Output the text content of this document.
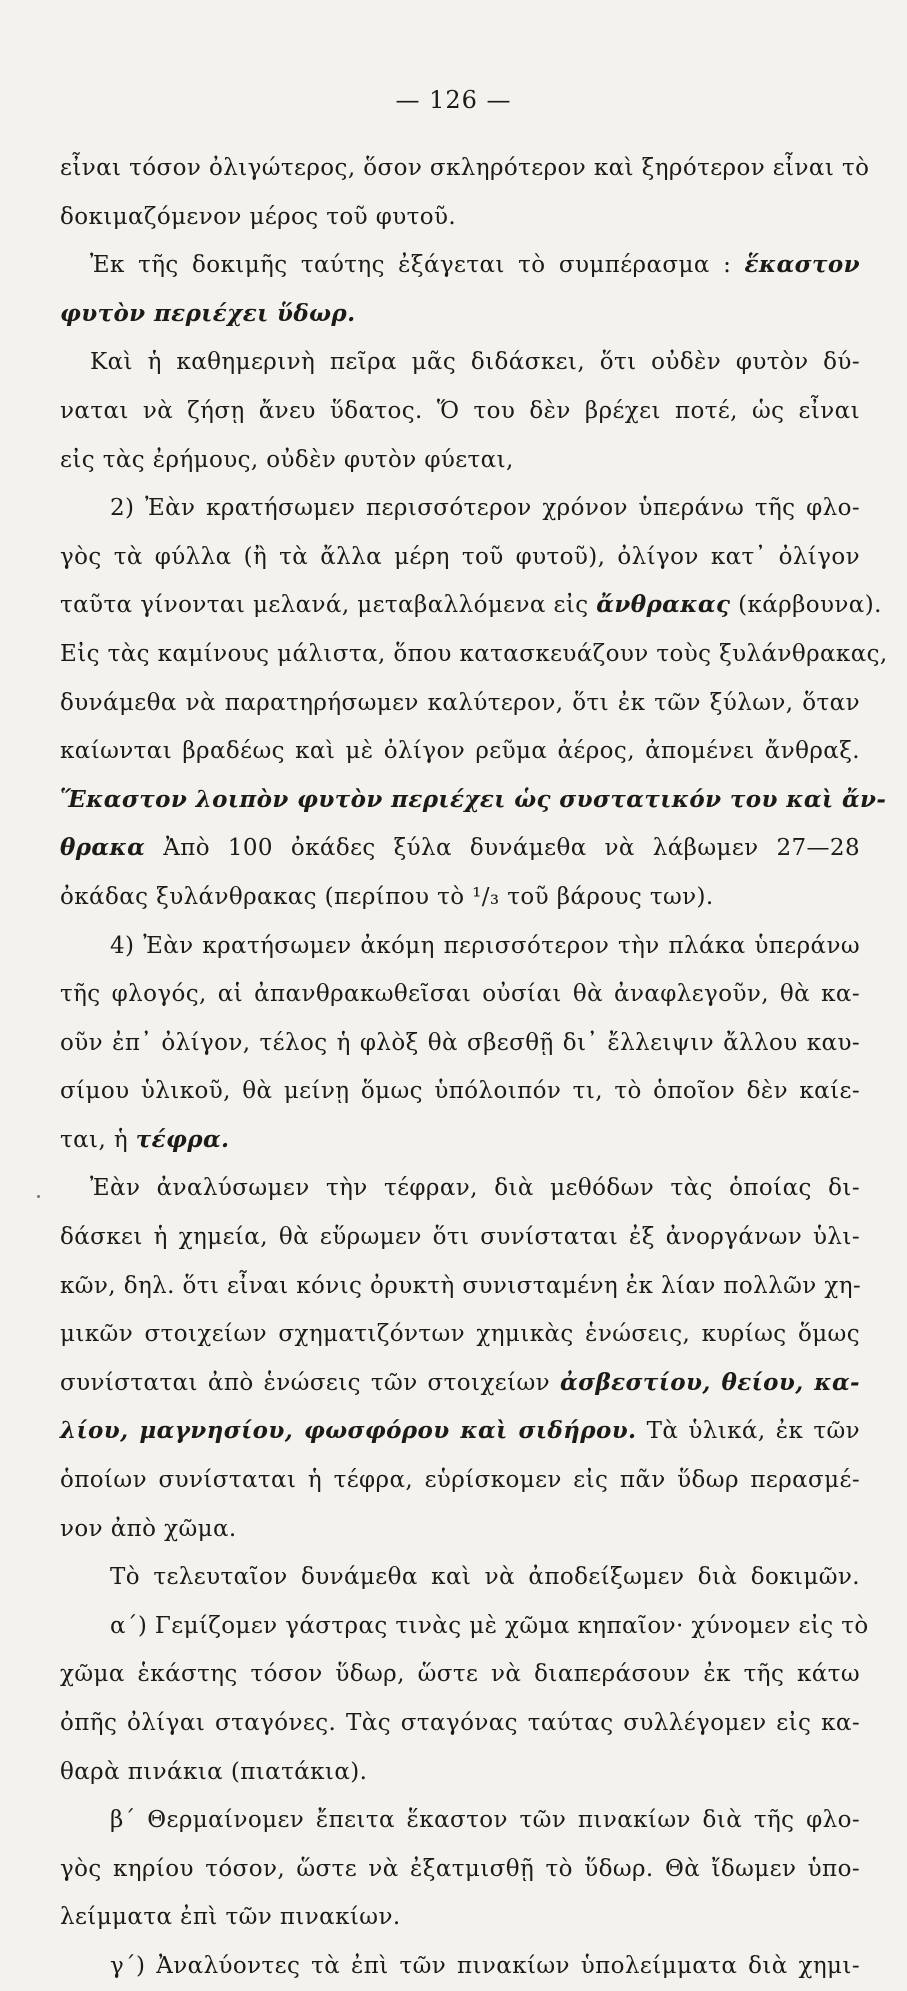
— 126 —
εἶναι τόσον ὀλιγώτερος, ὅσον σκληρότερον καὶ ξηρότερον εἶναι τὸ
δοκιμαζόμενον μέρος τοῦ φυτοῦ.
Ἐκ τῆς δοκιμῆς ταύτης ἐξάγεται τὸ συμπέρασμα : ἕκαστον
φυτὸν περιέχει ὕδωρ.
Καὶ ἡ καθημερινὴ πεῖρα μᾶς διδάσκει, ὅτι οὐδὲν φυτὸν δύ-
ναται νὰ ζήσῃ ἄνευ ὕδατος. Ὅ του δὲν βρέχει ποτέ, ὡς εἶναι
εἰς τὰς ἐρήμους, οὐδὲν φυτὸν φύεται,
2) Ἐὰν κρατήσωμεν περισσότερον χρόνον ὑπεράνω τῆς φλο-
γὸς τὰ φύλλα (ἢ τὰ ἄλλα μέρη τοῦ φυτοῦ), ὀλίγον κατ᾽ ὀλίγον
ταῦτα γίνονται μελανά, μεταβαλλόμενα εἰς ἄνθρακας (κάρβουνα).
Εἰς τὰς καμίνους μάλιστα, ὅπου κατασκευάζουν τοὺς ξυλάνθρακας,
δυνάμεθα νὰ παρατηρήσωμεν καλύτερον, ὅτι ἐκ τῶν ξύλων, ὅταν
καίωνται βραδέως καὶ μὲ ὀλίγον ρεῦμα ἀέρος, ἀπομένει ἄνθραξ.
Ἕκαστον λοιπὸν φυτὸν περιέχει ὡς συστατικόν του καὶ ἄν-
θρακα Ἀπὸ 100 ὀκάδες ξύλα δυνάμεθα νὰ λάβωμεν 27—28
ὀκάδας ξυλάνθρακας (περίπου τὸ ¹/₃ τοῦ βάρους των).
4) Ἐὰν κρατήσωμεν ἀκόμη περισσότερον τὴν πλάκα ὑπεράνω
τῆς φλογός, αἱ ἀπανθρακωθεῖσαι οὐσίαι θὰ ἀναφλεγοῦν, θὰ κα-
οῦν ἐπ᾽ ὀλίγον, τέλος ἡ φλὸξ θὰ σβεσθῇ δι᾽ ἔλλειψιν ἄλλου καυ-
σίμου ὑλικοῦ, θὰ μείνῃ ὅμως ὑπόλοιπόν τι, τὸ ὁποῖον δὲν καίε-
ται, ἡ τέφρα.
Ἐὰν ἀναλύσωμεν τὴν τέφραν, διὰ μεθόδων τὰς ὁποίας δι-
δάσκει ἡ χημεία, θὰ εὕρωμεν ὅτι συνίσταται ἐξ ἀνοργάνων ὑλι-
κῶν, δηλ. ὅτι εἶναι κόνις ὀρυκτὴ συνισταμένη ἐκ λίαν πολλῶν χη-
μικῶν στοιχείων σχηματιζόντων χημικὰς ἑνώσεις, κυρίως ὅμως
συνίσταται ἀπὸ ἑνώσεις τῶν στοιχείων ἀσβεστίου, θείου, κα-
λίου, μαγνησίου, φωσφόρου καὶ σιδήρου. Τὰ ὑλικά, ἐκ τῶν
ὁποίων συνίσταται ἡ τέφρα, εὑρίσκομεν εἰς πᾶν ὕδωρ περασμέ-
νον ἀπὸ χῶμα.
Τὸ τελευταῖον δυνάμεθα καὶ νὰ ἀποδείξωμεν διὰ δοκιμῶν.
α´) Γεμίζομεν γάστρας τινὰς μὲ χῶμα κηπαῖον· χύνομεν εἰς τὸ
χῶμα ἑκάστης τόσον ὕδωρ, ὥστε νὰ διαπεράσουν ἐκ τῆς κάτω
ὀπῆς ὀλίγαι σταγόνες. Τὰς σταγόνας ταύτας συλλέγομεν εἰς κα-
θαρὰ πινάκια (πιατάκια).
β´ Θερμαίνομεν ἔπειτα ἕκαστον τῶν πινακίων διὰ τῆς φλο-
γὸς κηρίου τόσον, ὥστε νὰ ἐξατμισθῇ τὸ ὕδωρ. Θὰ ἴδωμεν ὑπο-
λείμματα ἐπὶ τῶν πινακίων.
γ´) Ἀναλύοντες τὰ ἐπὶ τῶν πινακίων ὑπολείμματα διὰ χημι-
